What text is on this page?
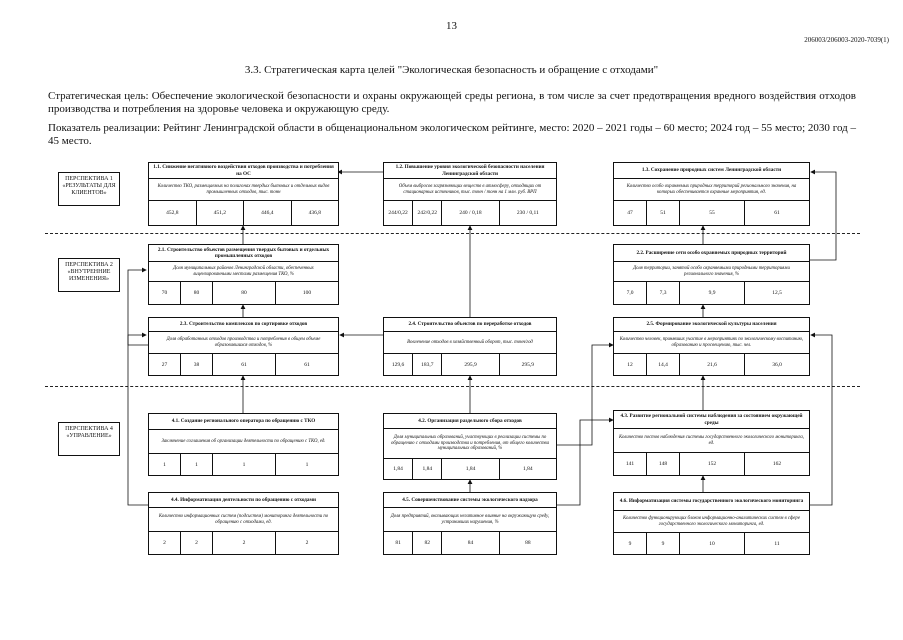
13
206003/206003-2020-7039(1)
3.3. Стратегическая карта целей "Экологическая безопасность и обращение с отходами"
Стратегическая цель: Обеспечение экологической безопасности и охраны окружающей среды региона, в том числе за счет предотвращения вредного воздействия отходов производства и потребления на здоровье человека и окружающую среду.
Показатель реализации: Рейтинг Ленинградской области в общенациональном экологическом рейтинге, место: 2020 – 2021 годы – 60 место; 2024 год – 55 место; 2030 год – 45 место.
ПЕРСПЕКТИВА 1 «РЕЗУЛЬТАТЫ ДЛЯ КЛИЕНТОВ»
ПЕРСПЕКТИВА 2 «ВНУТРЕННИЕ ИЗМЕНЕНИЯ»
ПЕРСПЕКТИВА 4 «УПРАВЛЕНИЕ»
1.1. Снижение негативного воздействия отходов производства и потребления на ОС
Количество ТКО, размещаемых на полигонах твердых бытовых и отдельных видов промышленных отходов, тыс. тонн
452,8	451,2	446,4	436,8
1.2. Повышение уровня экологической безопасности населения Ленинградской области
Объем выбросов загрязняющих веществ в атмосферу, отходящих от стационарных источников, тыс. тонн / тонн на 1 млн. руб. ВРП
244/0,22	242/0,22	240 / 0,18	230 / 0,11
1.3. Сохранение природных систем Ленинградской области
Количество особо охраняемых природных территорий регионального значения, на которых обеспечивается охранные мероприятия, ед.
47	51	55	61
2.1. Строительство объектов размещения твердых бытовых и отдельных промышленных отходов
Доля муниципальных районов Ленинградской области, обеспеченных лицензированными местами размещения ТКО, %
70	80	80	100
2.2. Расширение сети особо охраняемых природных территорий
Доля территории, занятой особо охраняемыми природными территориями регионального значения, %
7,0	7,3	9,9	12,5
2.3. Строительство комплексов по сортировке отходов
Доля обработанных отходов производства и потребления в общем объеме образовавшихся отходов, %
27	38	61	61
2.4. Строительство объектов по переработке отходов
Вовлечение отходов в хозяйственный оборот, тыс. тонн/год
129,6	183,7	295,9	295,9
2.5. Формирование экологической культуры населения
Количество человек, принявших участие в мероприятиях по экологическому воспитанию, образованию и просвещению, тыс. чел.
12	14,4	21,6	36,0
4.1. Создание регионального оператора по обращению с ТКО
Заключение соглашения об организации деятельности по обращению с ТКО, ед.
1	1	1	1
4.2. Организация раздельного сбора отходов
Доля муниципальных образований, участвующих в реализации системы по обращению с отходами производства и потребления, от общего количества муниципальных образований, %
1,84	1,84	1,84	1,84
4.3. Развитие региональной системы наблюдения за состоянием окружающей среды
Количество постов наблюдения системы государственного экологического мониторинга, ед.
141	148	152	162
4.4. Информатизация деятельности по обращению с отходами
Количество информационных систем (подсистем) мониторинга деятельности по обращению с отходами, ед.
2	2	2	2
4.5. Совершенствование системы экологического надзора
Доля предприятий, оказывающих негативное влияние на окружающую среду, устранивших нарушения, %
81	82	84	88
4.6. Информатизация системы государственного экологического мониторинга
Количество функционирующих блоков информационно-аналитических систем в сфере государственного экологического мониторинга, ед.
9	9	10	11
